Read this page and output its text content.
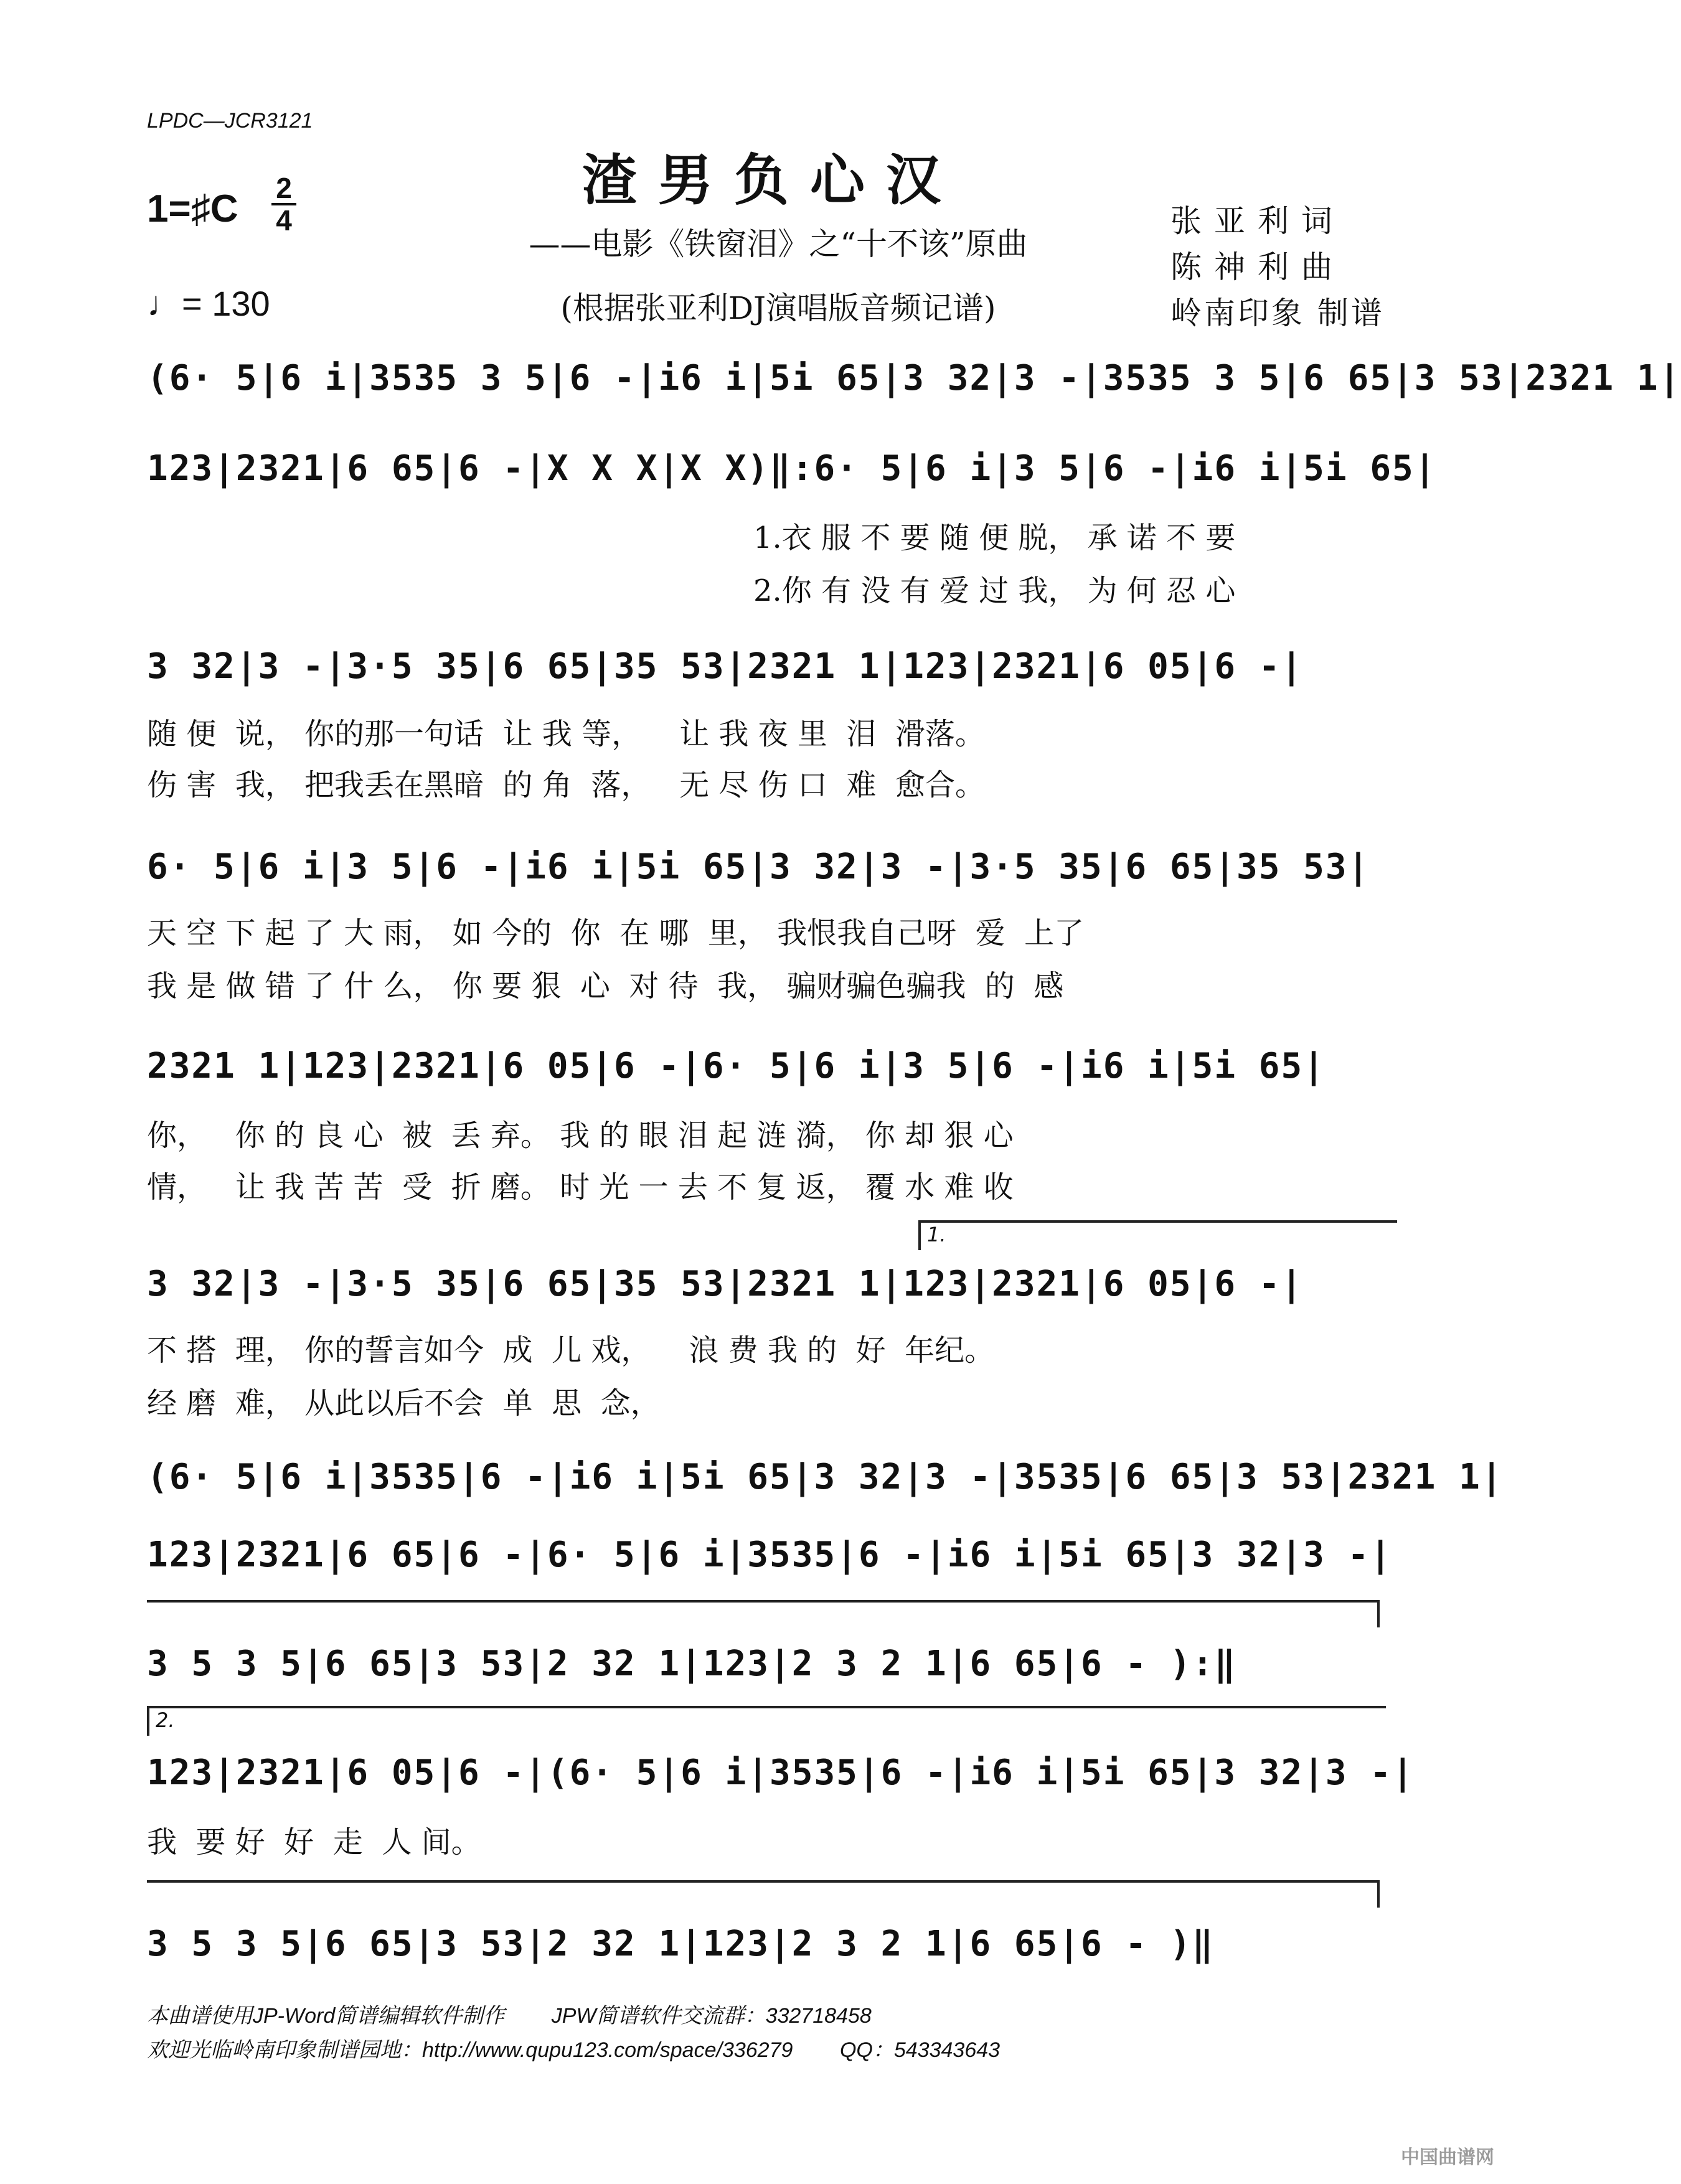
LPDC—JCR3121
渣男负心汉
——电影《铁窗泪》之“十不该”原曲
(根据张亚利DJ演唱版音频记谱)
张亚利词
陈神利曲
岭南印象 制谱
1=♯C 2
4
♩= 130
(6· 5|6 i|3535 3 5|6 -|i6 i|5i 65|3 32|3 -|3535 3 5|6 65|3 53|2321 1|
123|2321|6 65|6 -|X X X|X X)‖:6· 5|6 i|3 5|6 -|i6 i|5i 65|
1.衣 服 不 要 随 便 脱， 承 诺 不 要
2.你 有 没 有 爱 过 我， 为 何 忍 心
3 32|3 -|3·5 35|6 65|35 53|2321 1|123|2321|6 05|6 -|
随 便  说， 你的那一句话  让 我 等，    让 我 夜 里  泪  滑落。
伤 害  我， 把我丢在黑暗  的 角  落，   无 尽 伤 口  难  愈合。
6· 5|6 i|3 5|6 -|i6 i|5i 65|3 32|3 -|3·5 35|6 65|35 53|
天 空 下 起 了 大 雨， 如 今的  你  在 哪  里， 我恨我自己呀  爱  上了
我 是 做 错 了 什 么， 你 要 狠  心  对 待  我， 骗财骗色骗我  的  感
2321 1|123|2321|6 05|6 -|6· 5|6 i|3 5|6 -|i6 i|5i 65|
你，   你 的 良 心  被  丢 弃。 我 的 眼 泪 起 涟 漪， 你 却 狠 心
情，   让 我 苦 苦  受  折 磨。 时 光 一 去 不 复 返， 覆 水 难 收
1.
3 32|3 -|3·5 35|6 65|35 53|2321 1|123|2321|6 05|6 -|
不 搭  理， 你的誓言如今  成  儿 戏，    浪 费 我 的  好  年纪。
经 磨  难， 从此以后不会  单  思  念，
(6· 5|6 i|3535|6 -|i6 i|5i 65|3 32|3 -|3535|6 65|3 53|2321 1|
123|2321|6 65|6 -|6· 5|6 i|3535|6 -|i6 i|5i 65|3 32|3 -|
3 5 3 5|6 65|3 53|2 32 1|123|2 3 2 1|6 65|6 - ):‖
2.
123|2321|6 05|6 -|(6· 5|6 i|3535|6 -|i6 i|5i 65|3 32|3 -|
我  要 好  好  走  人 间。
3 5 3 5|6 65|3 53|2 32 1|123|2 3 2 1|6 65|6 - )‖
本曲谱使用JP-Word简谱编辑软件制作        JPW简谱软件交流群：332718458
欢迎光临岭南印象制谱园地：http://www.qupu123.com/space/336279        QQ：543343643
中国曲谱网
